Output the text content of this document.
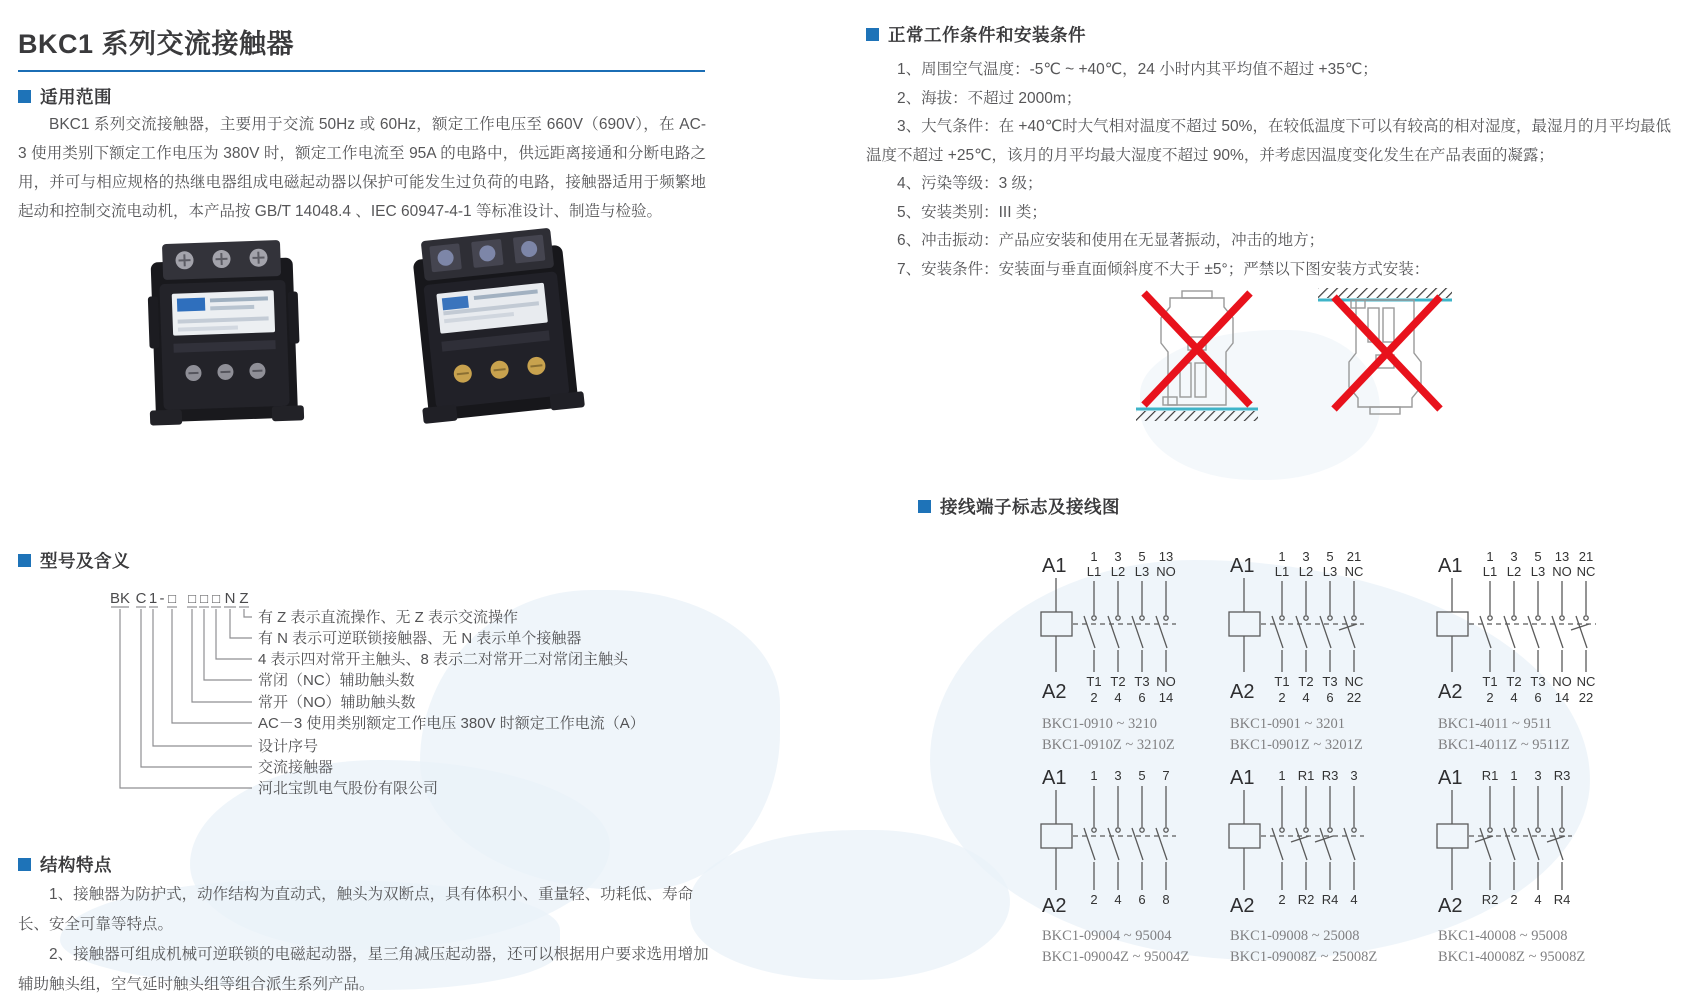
BKC1 系列交流接触器
适用范围

BKC1 系列交流接触器，主要用于交流 50Hz 或 60Hz，额定工作电压至 660V（690V），在 AC-3 使用类别下额定工作电压为 380V 时，额定工作电流至 95A 的电路中，供远距离接通和分断电路之用，并可与相应规格的热继电器组成电磁起动器以保护可能发生过负荷的电路，接触器适用于频繁地起动和控制交流电动机，本产品按 GB/T 14048.4 、IEC 60947-4-1 等标准设计、制造与检验。

型号及含义
BK C 1 - □ □ □ □ N Z
有 Z 表示直流操作、无 Z 表示交流操作
有 N 表示可逆联锁接触器、无 N 表示单个接触器
4 表示四对常开主触头、8 表示二对常开二对常闭主触头
常闭（NC）辅助触头数
常开（NO）辅助触头数
AC－3 使用类别额定工作电压 380V 时额定工作电流（A）
设计序号
交流接触器
河北宝凯电气股份有限公司
结构特点

1、接触器为防护式，动作结构为直动式，触头为双断点，具有体积小、重量轻、功耗低、寿命长、安全可靠等特点。

2、接触器可组成机械可逆联锁的电磁起动器，星三角减压起动器，还可以根据用户要求选用增加辅助触头组，空气延时触头组等组合派生系列产品。

正常工作条件和安装条件

1、周围空气温度：-5℃ ~ +40℃，24 小时内其平均值不超过 +35℃；

2、海拔：不超过 2000m；

3、大气条件：在 +40℃时大气相对温度不超过 50%，在较低温度下可以有较高的相对湿度，最湿月的月平均最低温度不超过 +25℃，该月的月平均最大湿度不超过 90%，并考虑因温度变化发生在产品表面的凝露；

4、污染等级：3 级；

5、安装类别：III 类；

6、冲击振动：产品应安装和使用在无显著振动，冲击的地方；

7、安装条件：安装面与垂直面倾斜度不大于 ±5°；严禁以下图安装方式安装：

接线端子标志及接线图
A1
A2
1
L1
3
L2
5
L3
13
NO
T1
2
T2
4
T3
6
NO
14
BKC1-0910 ~ 3210
BKC1-0910Z ~ 3210Z
A1
A2
1
L1
3
L2
5
L3
21
NC
T1
2
T2
4
T3
6
NC
22
BKC1-0901 ~ 3201
BKC1-0901Z ~ 3201Z
A1
A2
1
L1
3
L2
5
L3
13
NO
21
NC
T1
2
T2
4
T3
6
NO
14
NC
22
BKC1-4011 ~ 9511
BKC1-4011Z ~ 9511Z
A1
A2
1 3 5 7
2 4 6 8
BKC1-09004 ~ 95004
BKC1-09004Z ~ 95004Z
A1
A2
1 R1 R3 3
2 R2 R4 4
BKC1-09008 ~ 25008
BKC1-09008Z ~ 25008Z
A1
A2
R1 1 3 R3
R2 2 4 R4
BKC1-40008 ~ 95008
BKC1-40008Z ~ 95008Z
